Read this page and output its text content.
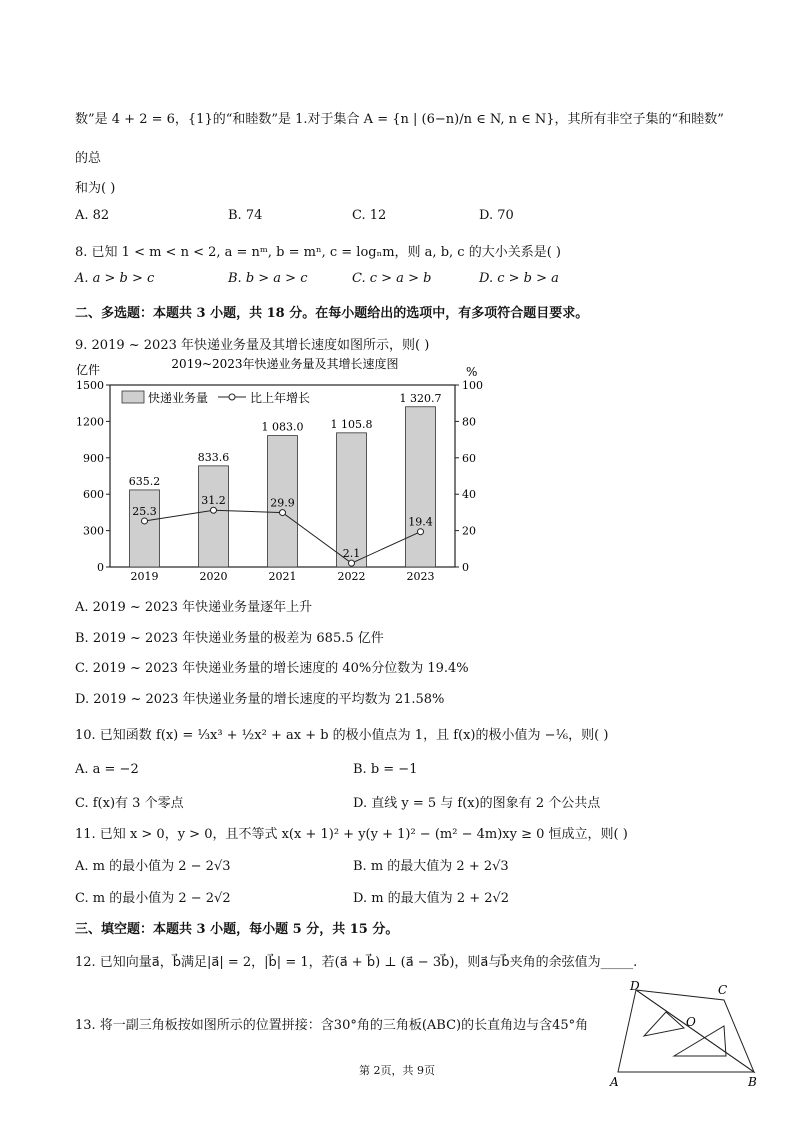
数”是 4 + 2 = 6，{1}的“和睦数”是 1.对于集合 A = {n | (6−n)/n ∈ N, n ∈ N}，其所有非空子集的“和睦数”
的总
和为( )
A. 82	B. 74	C. 12	D. 70
8. 已知 1 < m < n < 2, a = nᵐ, b = mⁿ, c = logₙm，则 a, b, c 的大小关系是( )
A. a > b > c	B. b > a > c	C. c > a > b	D. c > b > a
二、多选题：本题共 3 小题，共 18 分。在每小题给出的选项中，有多项符合题目要求。
9. 2019 ~ 2023 年快递业务量及其增长速度如图所示，则( )
2019~2023年快递业务量及其增长速度图
亿件	%
0
300
600
900
1200
1500
0
20
40
60
80
100
2019	2020	2021	2022	2023
635.2
833.6
1 083.0 1 105.8
1 320.7
25.3
31.2	29.9
2.1
19.4
快递业务量	比上年增长
A. 2019 ~ 2023 年快递业务量逐年上升
B. 2019 ~ 2023 年快递业务量的极差为 685.5 亿件
C. 2019 ~ 2023 年快递业务量的增长速度的 40%分位数为 19.4%
D. 2019 ~ 2023 年快递业务量的增长速度的平均数为 21.58%
10. 已知函数 f(x) = ⅓x³ + ½x² + ax + b 的极小值点为 1，且 f(x)的极小值为 −⅙，则( )
A. a = −2	B. b = −1
C. f(x)有 3 个零点	D. 直线 y = 5 与 f(x)的图象有 2 个公共点
11. 已知 x > 0，y > 0，且不等式 x(x + 1)² + y(y + 1)² − (m² − 4m)xy ≥ 0 恒成立，则( )
A. m 的最小值为 2 − 2√3	B. m 的最大值为 2 + 2√3
C. m 的最小值为 2 − 2√2	D. m 的最大值为 2 + 2√2
三、填空题：本题共 3 小题，每小题 5 分，共 15 分。
12. 已知向量a⃗，b⃗满足|a⃗| = 2，|b⃗| = 1，若(a⃗ + b⃗) ⊥ (a⃗ − 3b⃗)，则a⃗与b⃗夹角的余弦值为_____.
13. 将一副三角板按如图所示的位置拼接：含30°角的三角板(ABC)的长直角边与含45°角
D	C
O
A	B
第 2页，共 9页
